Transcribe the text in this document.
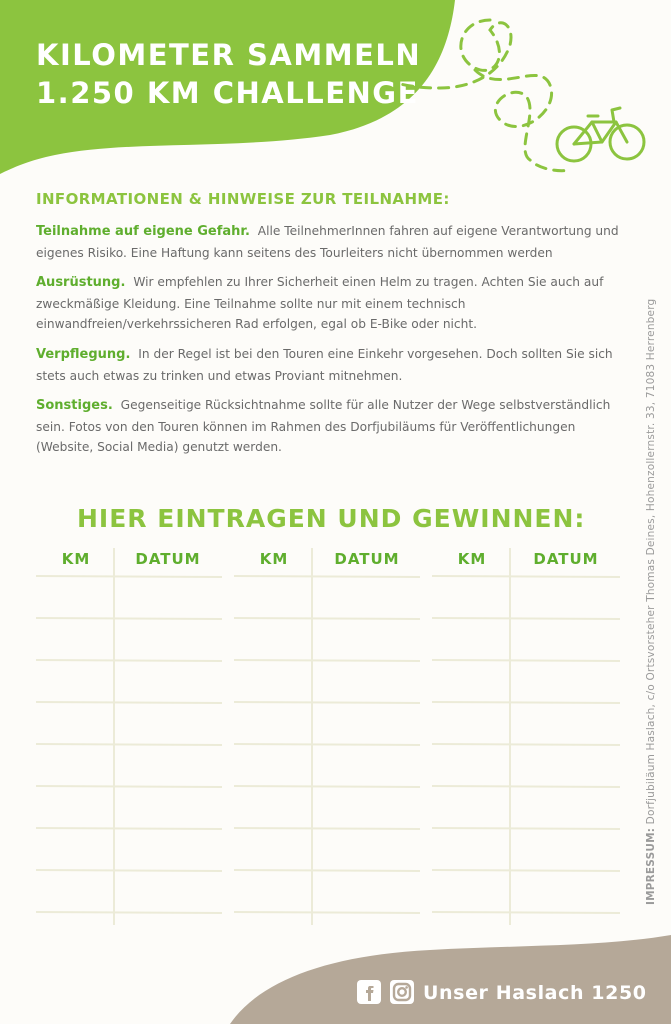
KILOMETER SAMMELN
1.250 KM CHALLENGE
INFORMATIONEN & HINWEISE ZUR TEILNAHME:

Teilnahme auf eigene Gefahr. Alle TeilnehmerInnen fahren auf eigene Verantwortung und eigenes Risiko. Eine Haftung kann seitens des Tourleiters nicht übernommen werden

Ausrüstung. Wir empfehlen zu Ihrer Sicherheit einen Helm zu tragen. Achten Sie auch auf zweckmäßige Kleidung. Eine Teilnahme sollte nur mit einem technisch einwandfreien/verkehrssicheren Rad erfolgen, egal ob E-Bike oder nicht.

Verpflegung. In der Regel ist bei den Touren eine Einkehr vorgesehen. Doch sollten Sie sich stets auch etwas zu trinken und etwas Proviant mitnehmen.

Sonstiges. Gegenseitige Rücksichtnahme sollte für alle Nutzer der Wege selbstverständlich sein. Fotos von den Touren können im Rahmen des Dorfjubiläums für Veröffentlichungen (Website, Social Media) genutzt werden.

HIER EINTRAGEN UND GEWINNEN:
KM	DATUM	KM	DATUM	KM	DATUM
Unser Haslach 1250
IMPRESSUM: Dorfjubiläum Haslach, c/o Ortsvorsteher Thomas Deines, Hohenzollernstr. 33, 71083 Herrenberg
